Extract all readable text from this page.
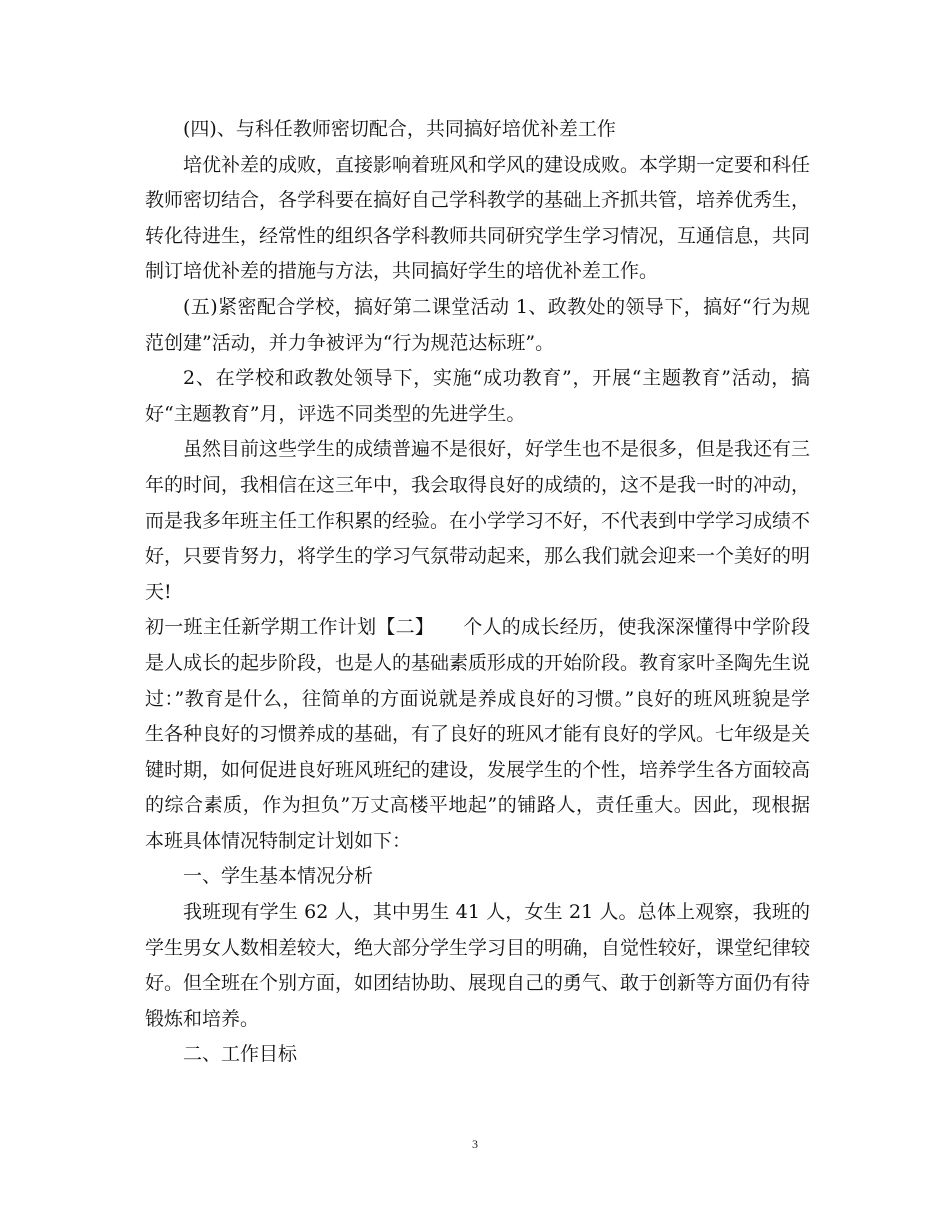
(四)、与科任教师密切配合，共同搞好培优补差工作

培优补差的成败，直接影响着班风和学风的建设成败。本学期一定要和科任教师密切结合，各学科要在搞好自己学科教学的基础上齐抓共管，培养优秀生，转化待进生，经常性的组织各学科教师共同研究学生学习情况，互通信息，共同制订培优补差的措施与方法，共同搞好学生的培优补差工作。

(五)紧密配合学校，搞好第二课堂活动 1、政教处的领导下，搞好“行为规范创建”活动，并力争被评为“行为规范达标班”。

2、在学校和政教处领导下，实施“成功教育”，开展“主题教育”活动，搞好“主题教育”月，评选不同类型的先进学生。

虽然目前这些学生的成绩普遍不是很好，好学生也不是很多，但是我还有三年的时间，我相信在这三年中，我会取得良好的成绩的，这不是我一时的冲动，而是我多年班主任工作积累的经验。在小学学习不好，不代表到中学学习成绩不好，只要肯努力，将学生的学习气氛带动起来，那么我们就会迎来一个美好的明天!

初一班主任新学期工作计划【二】　　个人的成长经历，使我深深懂得中学阶段是人成长的起步阶段，也是人的基础素质形成的开始阶段。教育家叶圣陶先生说过：”教育是什么，往简单的方面说就是养成良好的习惯。”良好的班风班貌是学生各种良好的习惯养成的基础，有了良好的班风才能有良好的学风。七年级是关键时期，如何促进良好班风班纪的建设，发展学生的个性，培养学生各方面较高的综合素质，作为担负”万丈高楼平地起”的铺路人，责任重大。因此，现根据本班具体情况特制定计划如下：

一、学生基本情况分析

我班现有学生 62 人，其中男生 41 人，女生 21 人。总体上观察，我班的学生男女人数相差较大，绝大部分学生学习目的明确，自觉性较好，课堂纪律较好。但全班在个别方面，如团结协助、展现自己的勇气、敢于创新等方面仍有待锻炼和培养。

二、工作目标

3
